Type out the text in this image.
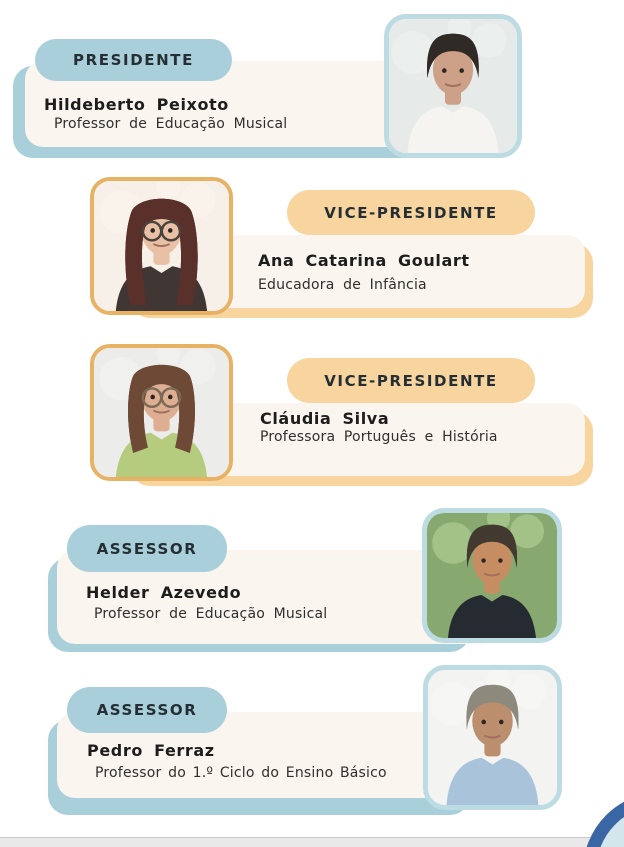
PRESIDENTE
Hildeberto Peixoto
Professor de Educação Musical
VICE-PRESIDENTE
Ana Catarina Goulart
Educadora de Infância
VICE-PRESIDENTE
Cláudia Silva
Professora Português e História
ASSESSOR
Helder Azevedo
Professor de Educação Musical
ASSESSOR
Pedro Ferraz
Professor do 1.º Ciclo do Ensino Básico
